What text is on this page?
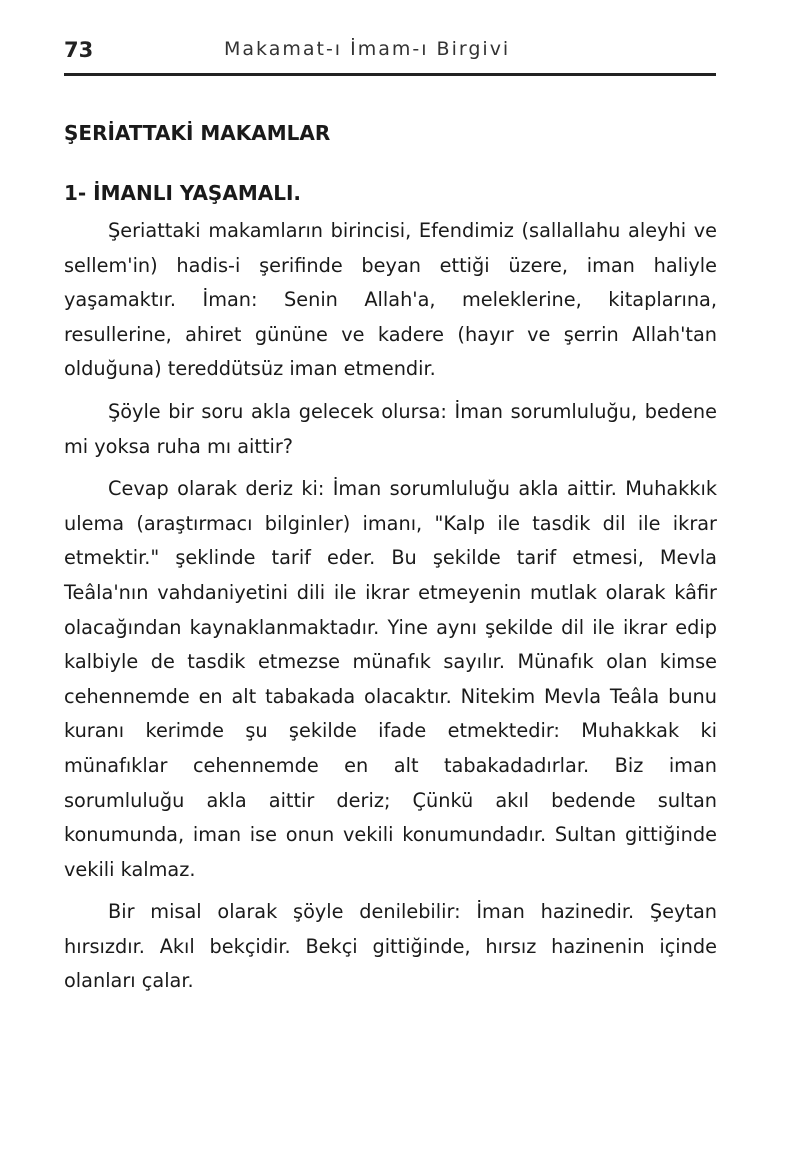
73	Makamat-ı İmam-ı Birgivi
ŞERİATTAKİ MAKAMLAR
1- İMANLI YAŞAMALI.

Şeriattaki makamların birincisi, Efendimiz (sallallahu aleyhi ve sellem'in) hadis-i şerifinde beyan ettiği üzere, iman haliyle yaşamaktır. İman: Senin Allah'a, meleklerine, kitaplarına, resullerine, ahiret gününe ve kadere (hayır ve şerrin Allah'tan olduğuna) tereddütsüz iman etmendir.

Şöyle bir soru akla gelecek olursa: İman sorumluluğu, bedene mi yoksa ruha mı aittir?

Cevap olarak deriz ki: İman sorumluluğu akla aittir. Muhakkık ulema (araştırmacı bilginler) imanı, "Kalp ile tasdik dil ile ikrar etmektir." şeklinde tarif eder. Bu şekilde tarif etmesi, Mevla Teâla'nın vahdaniyetini dili ile ikrar etmeyenin mutlak olarak kâfir olacağından kaynaklanmaktadır. Yine aynı şekilde dil ile ikrar edip kalbiyle de tasdik etmezse münafık sayılır. Münafık olan kimse cehennemde en alt tabakada olacaktır. Nitekim Mevla Teâla bunu kuranı kerimde şu şekilde ifade etmektedir: Muhakkak ki münafıklar cehennemde en alt tabakadadırlar. Biz iman sorumluluğu akla aittir deriz; Çünkü akıl bedende sultan konumunda, iman ise onun vekili konumundadır. Sultan gittiğinde vekili kalmaz.

Bir misal olarak şöyle denilebilir: İman hazinedir. Şeytan hırsızdır. Akıl bekçidir. Bekçi gittiğinde, hırsız hazinenin içinde olanları çalar.
